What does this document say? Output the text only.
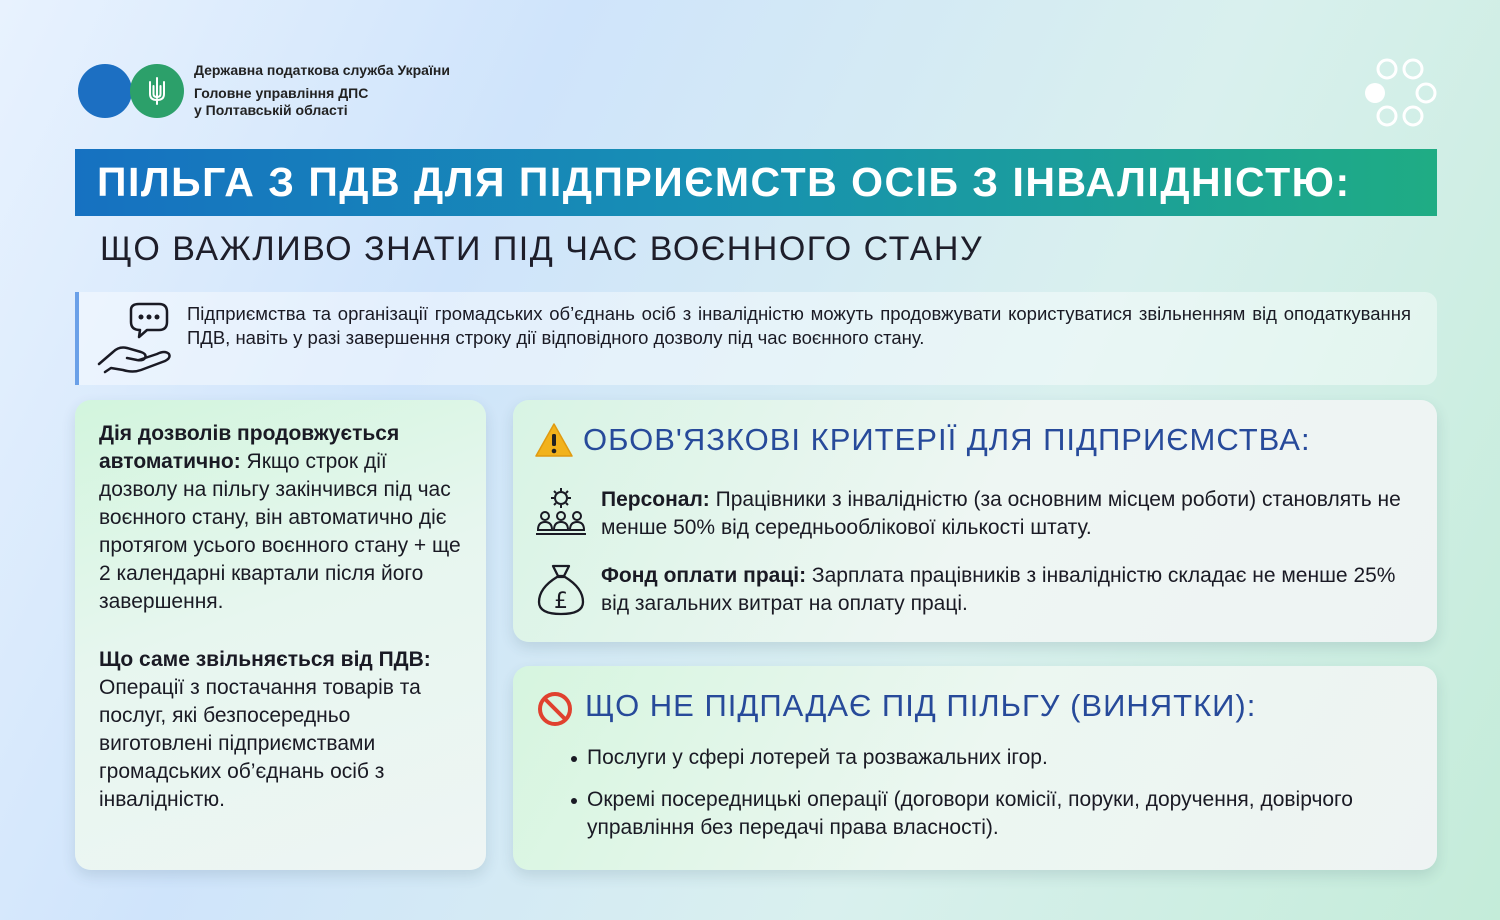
Державна податкова служба України
Головне управління ДПС
у Полтавській області
ПІЛЬГА З ПДВ ДЛЯ ПІДПРИЄМСТВ ОСІБ З ІНВАЛІДНІСТЮ:
ЩО ВАЖЛИВО ЗНАТИ ПІД ЧАС ВОЄННОГО СТАНУ
Підприємства та організації громадських об’єднань осіб з інвалідністю можуть продовжувати користуватися звільненням від оподаткування ПДВ, навіть у разі завершення строку дії відповідного дозволу під час воєнного стану.

Дія дозволів продовжується автоматично: Якщо строк дії дозволу на пільгу закінчився під час воєнного стану, він автоматично діє протягом усього воєнного стану + ще 2 календарні квартали після його завершення.

Що саме звільняється від ПДВ: Операції з постачання товарів та послуг, які безпосередньо виготовлені підприємствами громадських об’єднань осіб з інвалідністю.

ОБОВ'ЯЗКОВІ КРИТЕРІЇ ДЛЯ ПІДПРИЄМСТВА:
Персонал: Працівники з інвалідністю (за основним місцем роботи) становлять не менше 50% від середньооблікової кількості штату.
£
Фонд оплати праці: Зарплата працівників з інвалідністю складає не менше 25% від загальних витрат на оплату праці.
ЩО НЕ ПІДПАДАЄ ПІД ПІЛЬГУ (ВИНЯТКИ):
Послуги у сфері лотерей та розважальних ігор.
Окремі посередницькі операції (договори комісії, поруки, доручення, довірчого управління без передачі права власності).
